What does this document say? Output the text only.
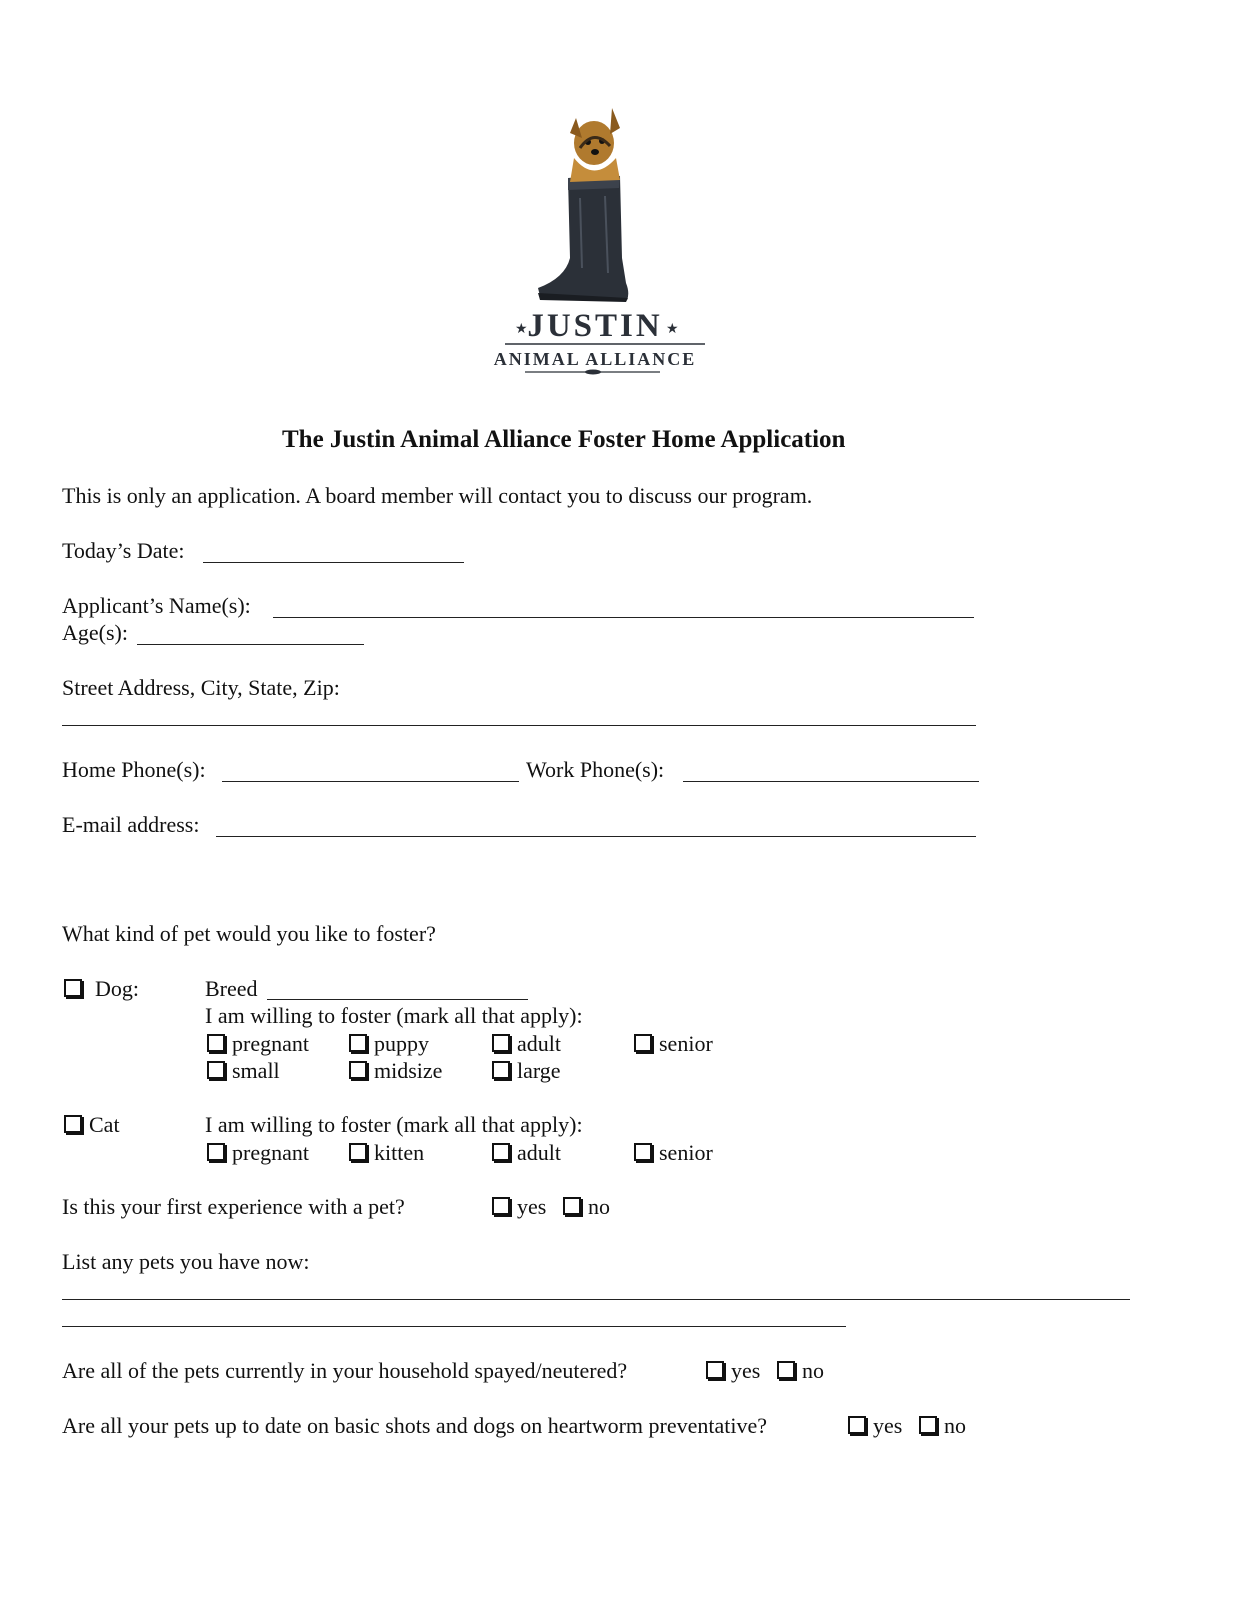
JUSTIN
★	★
ANIMAL ALLIANCE
The Justin Animal Alliance Foster Home Application
This is only an application. A board member will contact you to discuss our program.
Today’s Date:
Applicant’s Name(s):
Age(s):
Street Address, City, State, Zip:
Home Phone(s):	Work Phone(s):
E-mail address:
What kind of pet would you like to foster?
Dog:	Breed
I am willing to foster (mark all that apply):
pregnant	puppy	adult	senior
small	midsize	large
Cat	I am willing to foster (mark all that apply):
pregnant	kitten	adult	senior
Is this your first experience with a pet?	yes	no
List any pets you have now:
Are all of the pets currently in your household spayed/neutered?	yes	no
Are all your pets up to date on basic shots and dogs on heartworm preventative?	yes	no
